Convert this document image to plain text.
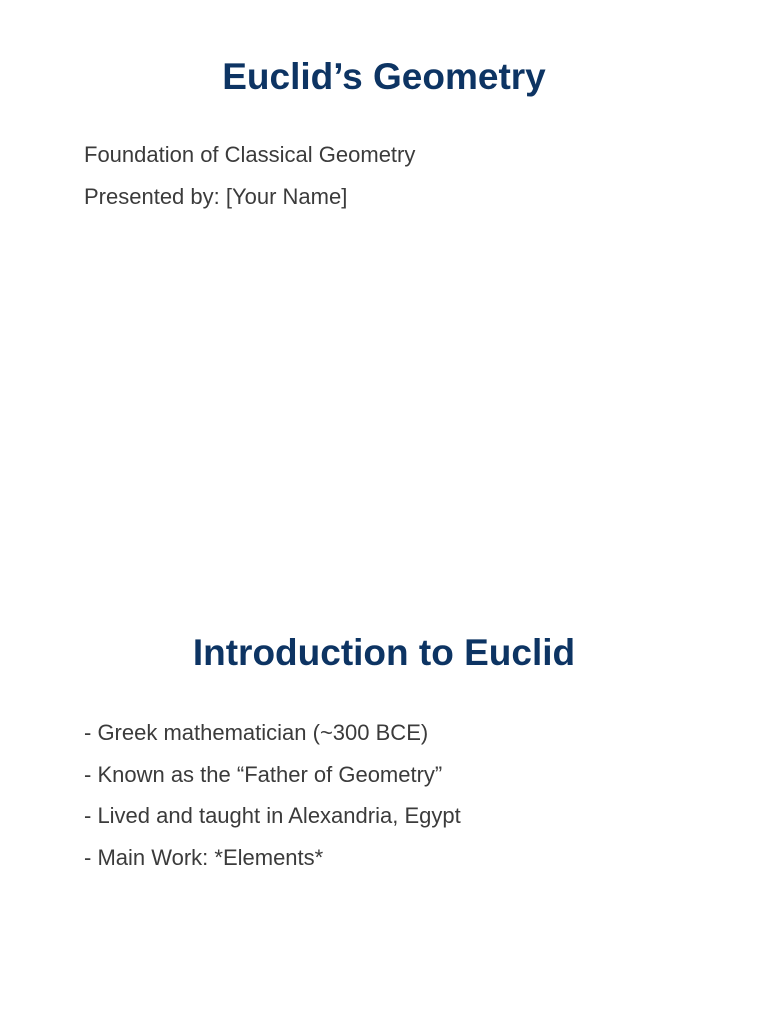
Euclid’s Geometry
Foundation of Classical Geometry
Presented by: [Your Name]
Introduction to Euclid
- Greek mathematician (~300 BCE)
- Known as the “Father of Geometry”
- Lived and taught in Alexandria, Egypt
- Main Work: *Elements*
